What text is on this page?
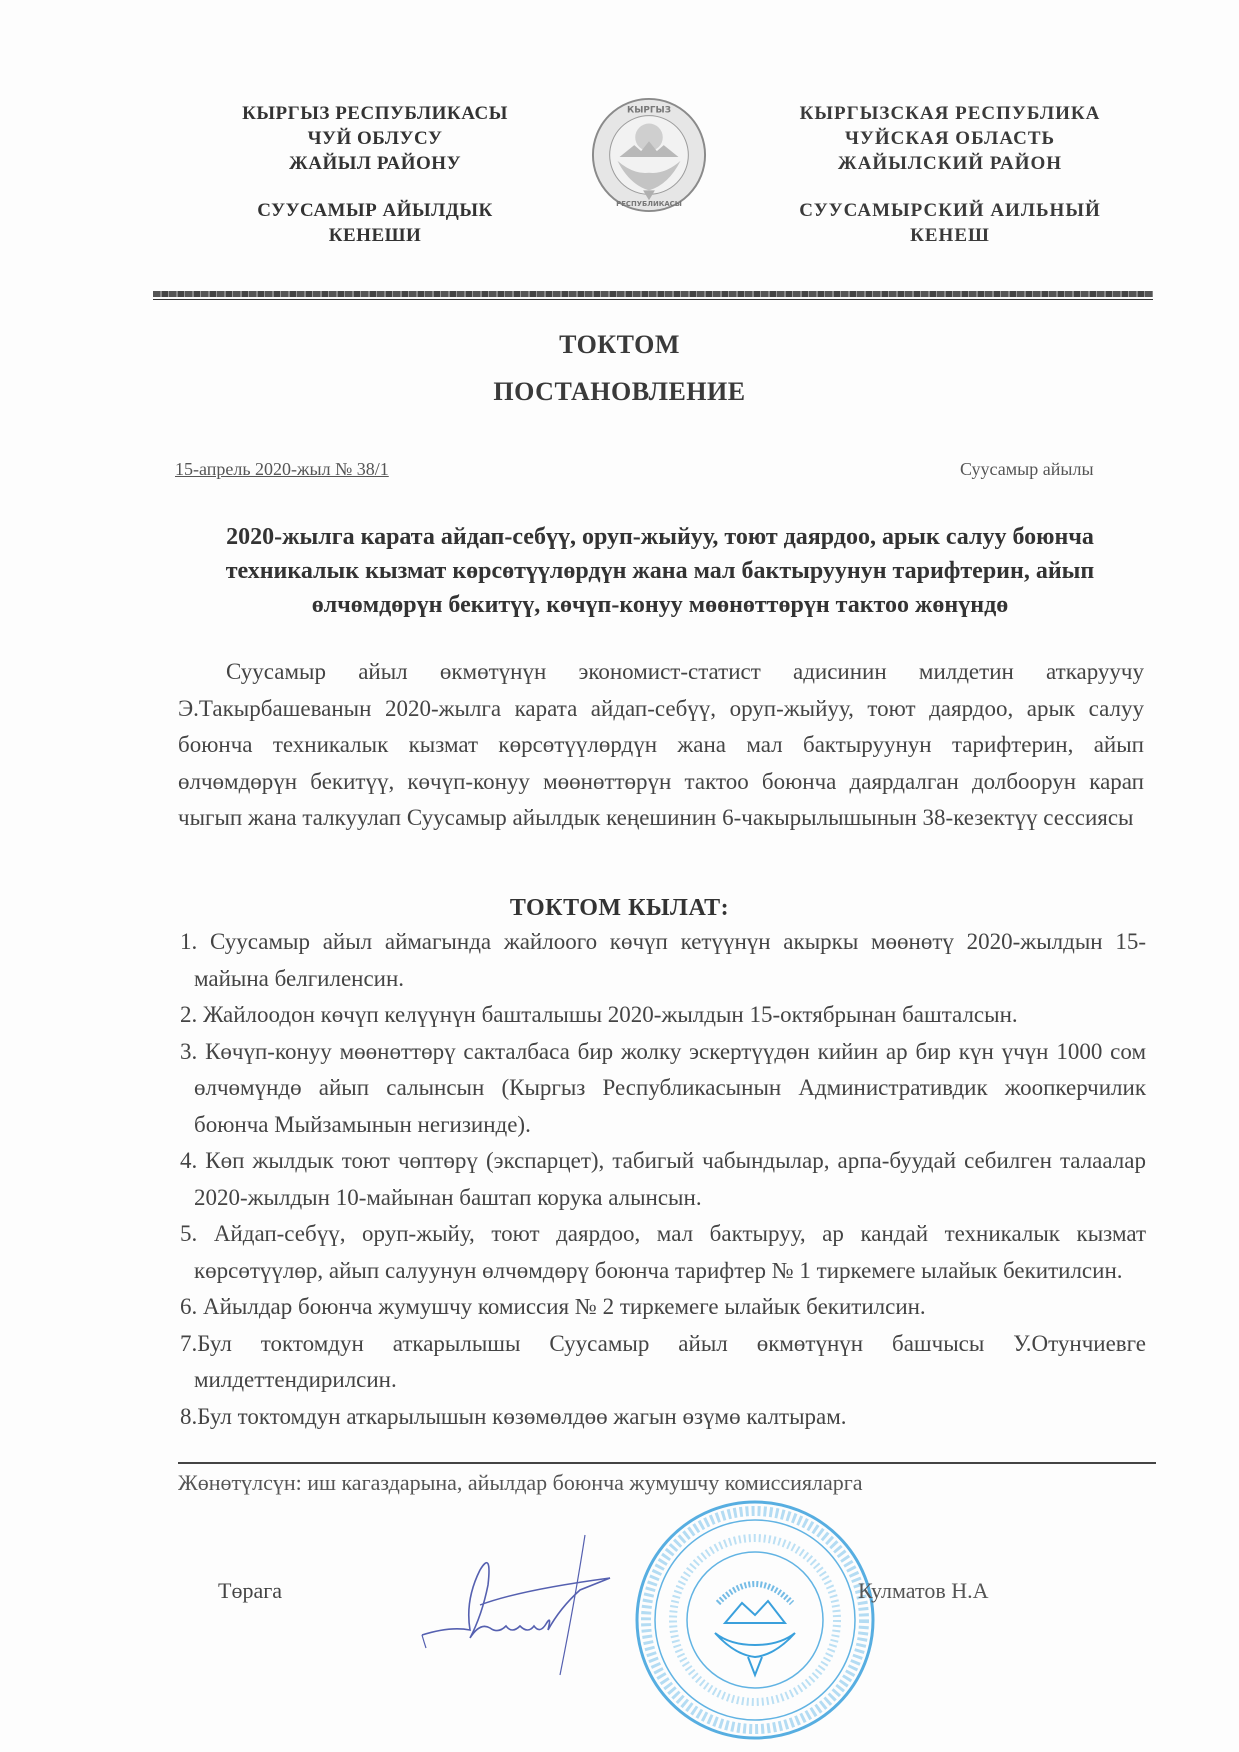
КЫРГЫЗ РЕСПУБЛИКАСЫ
ЧУЙ ОБЛУСУ
ЖАЙЫЛ РАЙОНУ
СУУСАМЫР АЙЫЛДЫК
КЕНЕШИ
КЫРГЫЗ
РЕСПУБЛИКАСЫ
КЫРГЫЗСКАЯ РЕСПУБЛИКА
ЧУЙСКАЯ ОБЛАСТЬ
ЖАЙЫЛСКИЙ РАЙОН
СУУСАМЫРСКИЙ АИЛЬНЫЙ
КЕНЕШ
ТОКТОМ
ПОСТАНОВЛЕНИЕ
15-апрель 2020-жыл № 38/1	Суусамыр айылы
2020-жылга карата айдап-себүү, оруп-жыйуу, тоют даярдоо, арык салуу боюнча техникалык кызмат көрсөтүүлөрдүн жана мал бактыруунун тарифтерин, айып өлчөмдөрүн бекитүү, көчүп-конуу мөөнөттөрүн тактоо жөнүндө
Суусамыр айыл өкмөтүнүн экономист-статист адисинин милдетин аткаруучу Э.Такырбашеванын 2020-жылга карата айдап-себүү, оруп-жыйуу, тоют даярдоо, арык салуу боюнча техникалык кызмат көрсөтүүлөрдүн жана мал бактыруунун тарифтерин, айып өлчөмдөрүн бекитүү, көчүп-конуу мөөнөттөрүн тактоо боюнча даярдалган долбоорун карап чыгып жана талкуулап Суусамыр айылдык кеңешинин 6-чакырылышынын 38-кезектүү сессиясы
ТОКТОМ КЫЛАТ:
1. Суусамыр айыл аймагында жайлоого көчүп кетүүнүн акыркы мөөнөтү 2020-жылдын 15-майына белгиленсин.
2. Жайлоодон көчүп келүүнүн башталышы 2020-жылдын 15-октябрынан башталсын.
3. Көчүп-конуу мөөнөттөрү сакталбаса бир жолку эскертүүдөн кийин ар бир күн үчүн 1000 сом өлчөмүндө айып салынсын (Кыргыз Республикасынын Административдик жоопкерчилик боюнча Мыйзамынын негизинде).
4. Көп жылдык тоют чөптөрү (экспарцет), табигый чабындылар, арпа-буудай себилген талаалар 2020-жылдын 10-майынан баштап корука алынсын.
5. Айдап-себүү, оруп-жыйу, тоют даярдоо, мал бактыруу, ар кандай техникалык кызмат көрсөтүүлөр, айып салуунун өлчөмдөрү боюнча тарифтер № 1 тиркемеге ылайык бекитилсин.
6. Айылдар боюнча жумушчу комиссия № 2 тиркемеге ылайык бекитилсин.
7.Бул токтомдун аткарылышы Суусамыр айыл өкмөтүнүн башчысы У.Отунчиевге милдеттендирилсин.
8.Бул токтомдун аткарылышын көзөмөлдөө жагын өзүмө калтырам.
Жөнөтүлсүн: иш кагаздарына, айылдар боюнча жумушчу комиссияларга
Төрага	Кулматов Н.А
